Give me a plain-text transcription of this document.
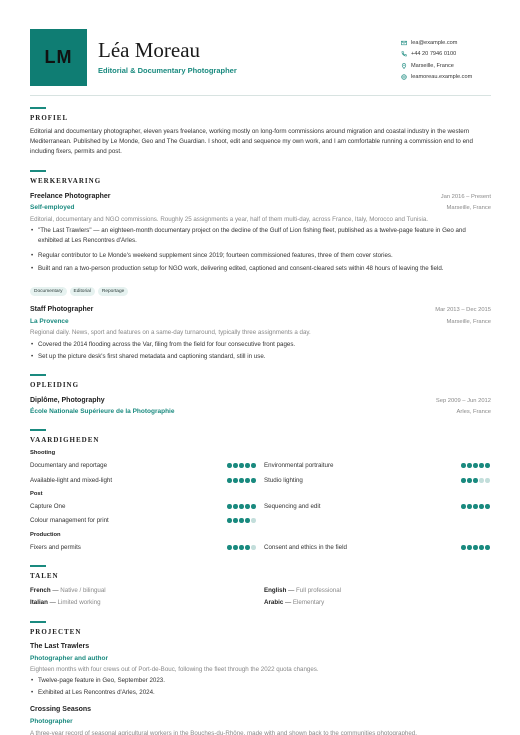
LM	Léa Moreau
Editorial & Documentary Photographer
lea@example.com
+44 20 7946 0100
Marseille, France
leamoreau.example.com
PROFIEL
Editorial and documentary photographer, eleven years freelance, working mostly on long-form commissions around migration and coastal industry in the western Mediterranean. Published by Le Monde, Geo and The Guardian. I shoot, edit and sequence my own work, and I am comfortable running a commission end to end including fixers, permits and post.
WERKERVARING
Freelance Photographer	Jan 2016 – Present
Self-employed	Marseille, France
Editorial, documentary and NGO commissions. Roughly 25 assignments a year, half of them multi-day, across France, Italy, Morocco and Tunisia.
• "The Last Trawlers" — an eighteen-month documentary project on the decline of the Gulf of Lion fishing fleet, published as a twelve-page feature in Geo and exhibited at Les Rencontres d'Arles.
• Regular contributor to Le Monde's weekend supplement since 2019; fourteen commissioned features, three of them cover stories.
• Built and ran a two-person production setup for NGO work, delivering edited, captioned and consent-cleared sets within 48 hours of leaving the field.
Documentary	Editorial	Reportage
Staff Photographer	Mar 2013 – Dec 2015
La Provence	Marseille, France
Regional daily. News, sport and features on a same-day turnaround, typically three assignments a day.
• Covered the 2014 flooding across the Var, filing from the field for four consecutive front pages.
• Set up the picture desk's first shared metadata and captioning standard, still in use.
OPLEIDING
Diplôme, Photography	Sep 2009 – Jun 2012
École Nationale Supérieure de la Photographie	Arles, France
VAARDIGHEDEN
Shooting
Documentary and reportage	Environmental portraiture
Available-light and mixed-light	Studio lighting
Post
Capture One	Sequencing and edit
Colour management for print
Production
Fixers and permits	Consent and ethics in the field
TALEN
French — Native / bilingual	English — Full professional
Italian — Limited working	Arabic — Elementary
PROJECTEN
The Last Trawlers
Photographer and author
Eighteen months with four crews out of Port-de-Bouc, following the fleet through the 2022 quota changes.
• Twelve-page feature in Geo, September 2023.
• Exhibited at Les Rencontres d'Arles, 2024.
Crossing Seasons
Photographer
A three-year record of seasonal agricultural workers in the Bouches-du-Rhône, made with and shown back to the communities photographed.
